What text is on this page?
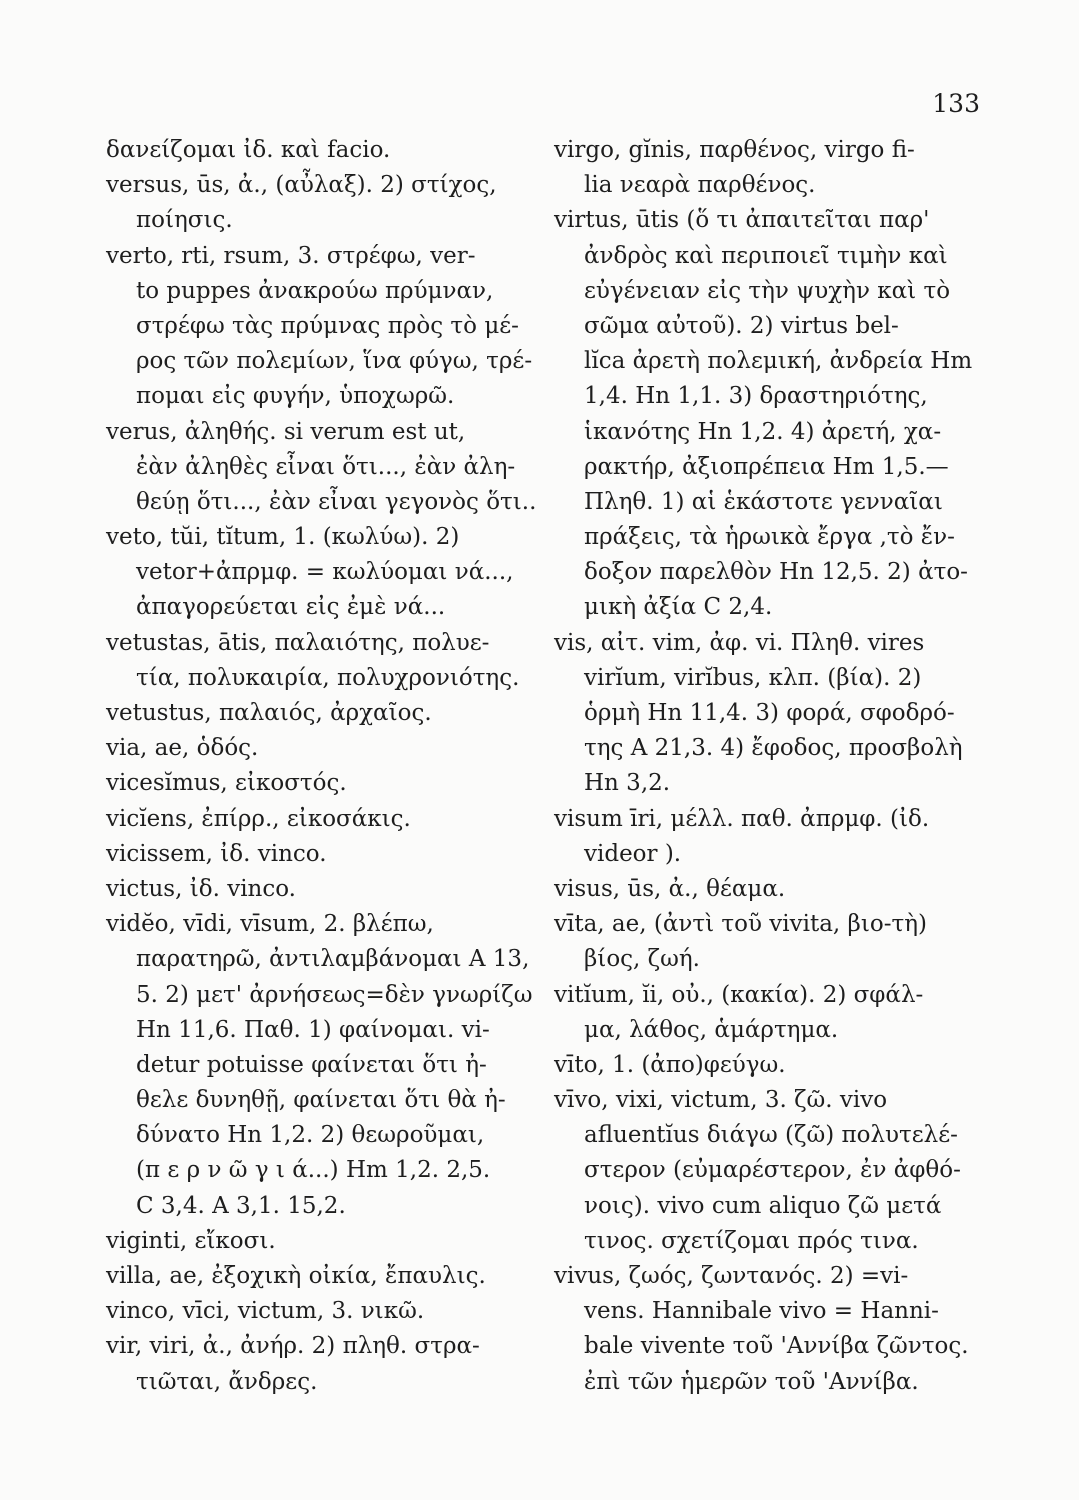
133
δανείζομαι ἰδ. καὶ facio.
versus, ūs, ἀ., (αὖλαξ). 2) στίχος,
ποίησις.
verto, rti, rsum, 3. στρέφω, ver-
to puppes ἀνακρούω πρύμναν,
στρέφω τὰς πρύμνας πρὸς τὸ μέ-
ρος τῶν πολεμίων, ἵνα φύγω, τρέ-
πομαι εἰς φυγήν, ὑποχωρῶ.
verus, ἀληθής. si verum est ut,
ἐὰν ἀληθὲς εἶναι ὅτι..., ἐὰν ἀλη-
θεύῃ ὅτι..., ἐὰν εἶναι γεγονὸς ὅτι..
veto, tŭi, tĭtum, 1. (κωλύω). 2)
vetor+ἀπρμφ. = κωλύομαι νά...,
ἀπαγορεύεται εἰς ἐμὲ νά...
vetustas, ātis, παλαιότης, πολυε-
τία, πολυκαιρία, πολυχρονιότης.
vetustus, παλαιός, ἀρχαῖος.
via, ae, ὁδός.
vicesĭmus, εἰκοστός.
vicĭens, ἐπίρρ., εἰκοσάκις.
vicissem, ἰδ. vinco.
victus, ἰδ. vinco.
vidĕo, vīdi, vīsum, 2. βλέπω,
παρατηρῶ, ἀντιλαμβάνομαι A 13,
5. 2) μετ' ἀρνήσεως=δὲν γνωρίζω
Hn 11,6. Παθ. 1) φαίνομαι. vi-
detur potuisse φαίνεται ὅτι ἠ-
θελε δυνηθῇ, φαίνεται ὅτι θὰ ἠ-
δύνατο Hn 1,2. 2) θεωροῦμαι,
(π ε ρ ν ῶ γ ι ά...) Hm 1,2. 2,5.
C 3,4. A 3,1. 15,2.
viginti, εἴκοσι.
villa, ae, ἐξοχικὴ οἰκία, ἔπαυλις.
vinco, vīci, victum, 3. νικῶ.
vir, viri, ἀ., ἀνήρ. 2) πληθ. στρα-
τιῶται, ἄνδρες.
virgo, gĭnis, παρθένος, virgo fi-
lia νεαρὰ παρθένος.
virtus, ūtis (ὅ τι ἀπαιτεῖται παρ'
ἀνδρὸς καὶ περιποιεῖ τιμὴν καὶ
εὐγένειαν εἰς τὴν ψυχὴν καὶ τὸ
σῶμα αὐτοῦ). 2) virtus bel-
lĭca ἀρετὴ πολεμική, ἀνδρεία Hm
1,4. Hn 1,1. 3) δραστηριότης,
ἱκανότης Hn 1,2. 4) ἀρετή, χα-
ρακτήρ, ἀξιοπρέπεια Hm 1,5.—
Πληθ. 1) αἱ ἑκάστοτε γενναῖαι
πράξεις, τὰ ἡρωικὰ ἔργα ,τὸ ἔν-
δοξον παρελθὸν Hn 12,5. 2) ἀτο-
μικὴ ἀξία C 2,4.
vis, αἰτ. vim, ἀφ. vi. Πληθ. vires
virĭum, virĭbus, κλπ. (βία). 2)
ὁρμὴ Hn 11,4. 3) φορά, σφοδρό-
της A 21,3. 4) ἔφοδος, προσβολὴ
Hn 3,2.
visum īri, μέλλ. παθ. ἀπρμφ. (ἰδ.
videor ).
visus, ūs, ἀ., θέαμα.
vīta, ae, (ἀντὶ τοῦ vivita, βιο-τὴ)
βίος, ζωή.
vitĭum, ĭi, οὐ., (κακία). 2) σφάλ-
μα, λάθος, ἁμάρτημα.
vīto, 1. (ἀπο)φεύγω.
vīvo, vixi, victum, 3. ζῶ. vivo
afluentĭus διάγω (ζῶ) πολυτελέ-
στερον (εὐμαρέστερον, ἐν ἀφθό-
νοις). vivo cum aliquo ζῶ μετά
τινος. σχετίζομαι πρός τινα.
vivus, ζωός, ζωντανός. 2) =vi-
vens. Hannibale vivo = Hanni-
bale vivente τοῦ 'Αννίβα ζῶντος.
ἐπὶ τῶν ἡμερῶν τοῦ 'Αννίβα.
